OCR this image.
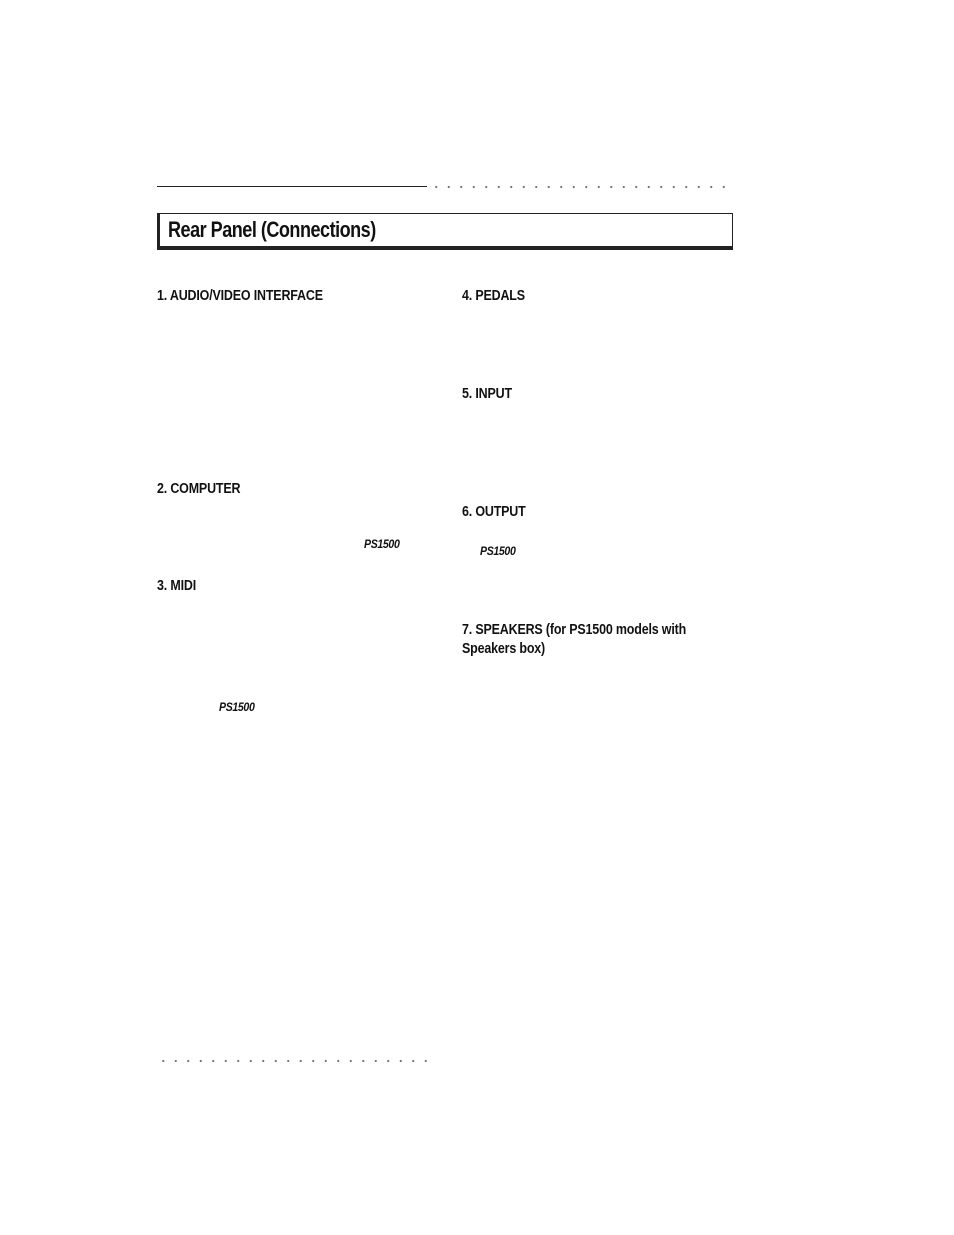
Rear Panel (Connections)
1. AUDIO/VIDEO INTERFACE
2. COMPUTER
PS1500
3. MIDI
PS1500
4. PEDALS
5. INPUT
6. OUTPUT
PS1500
7. SPEAKERS (for PS1500 models with Speakers box)
